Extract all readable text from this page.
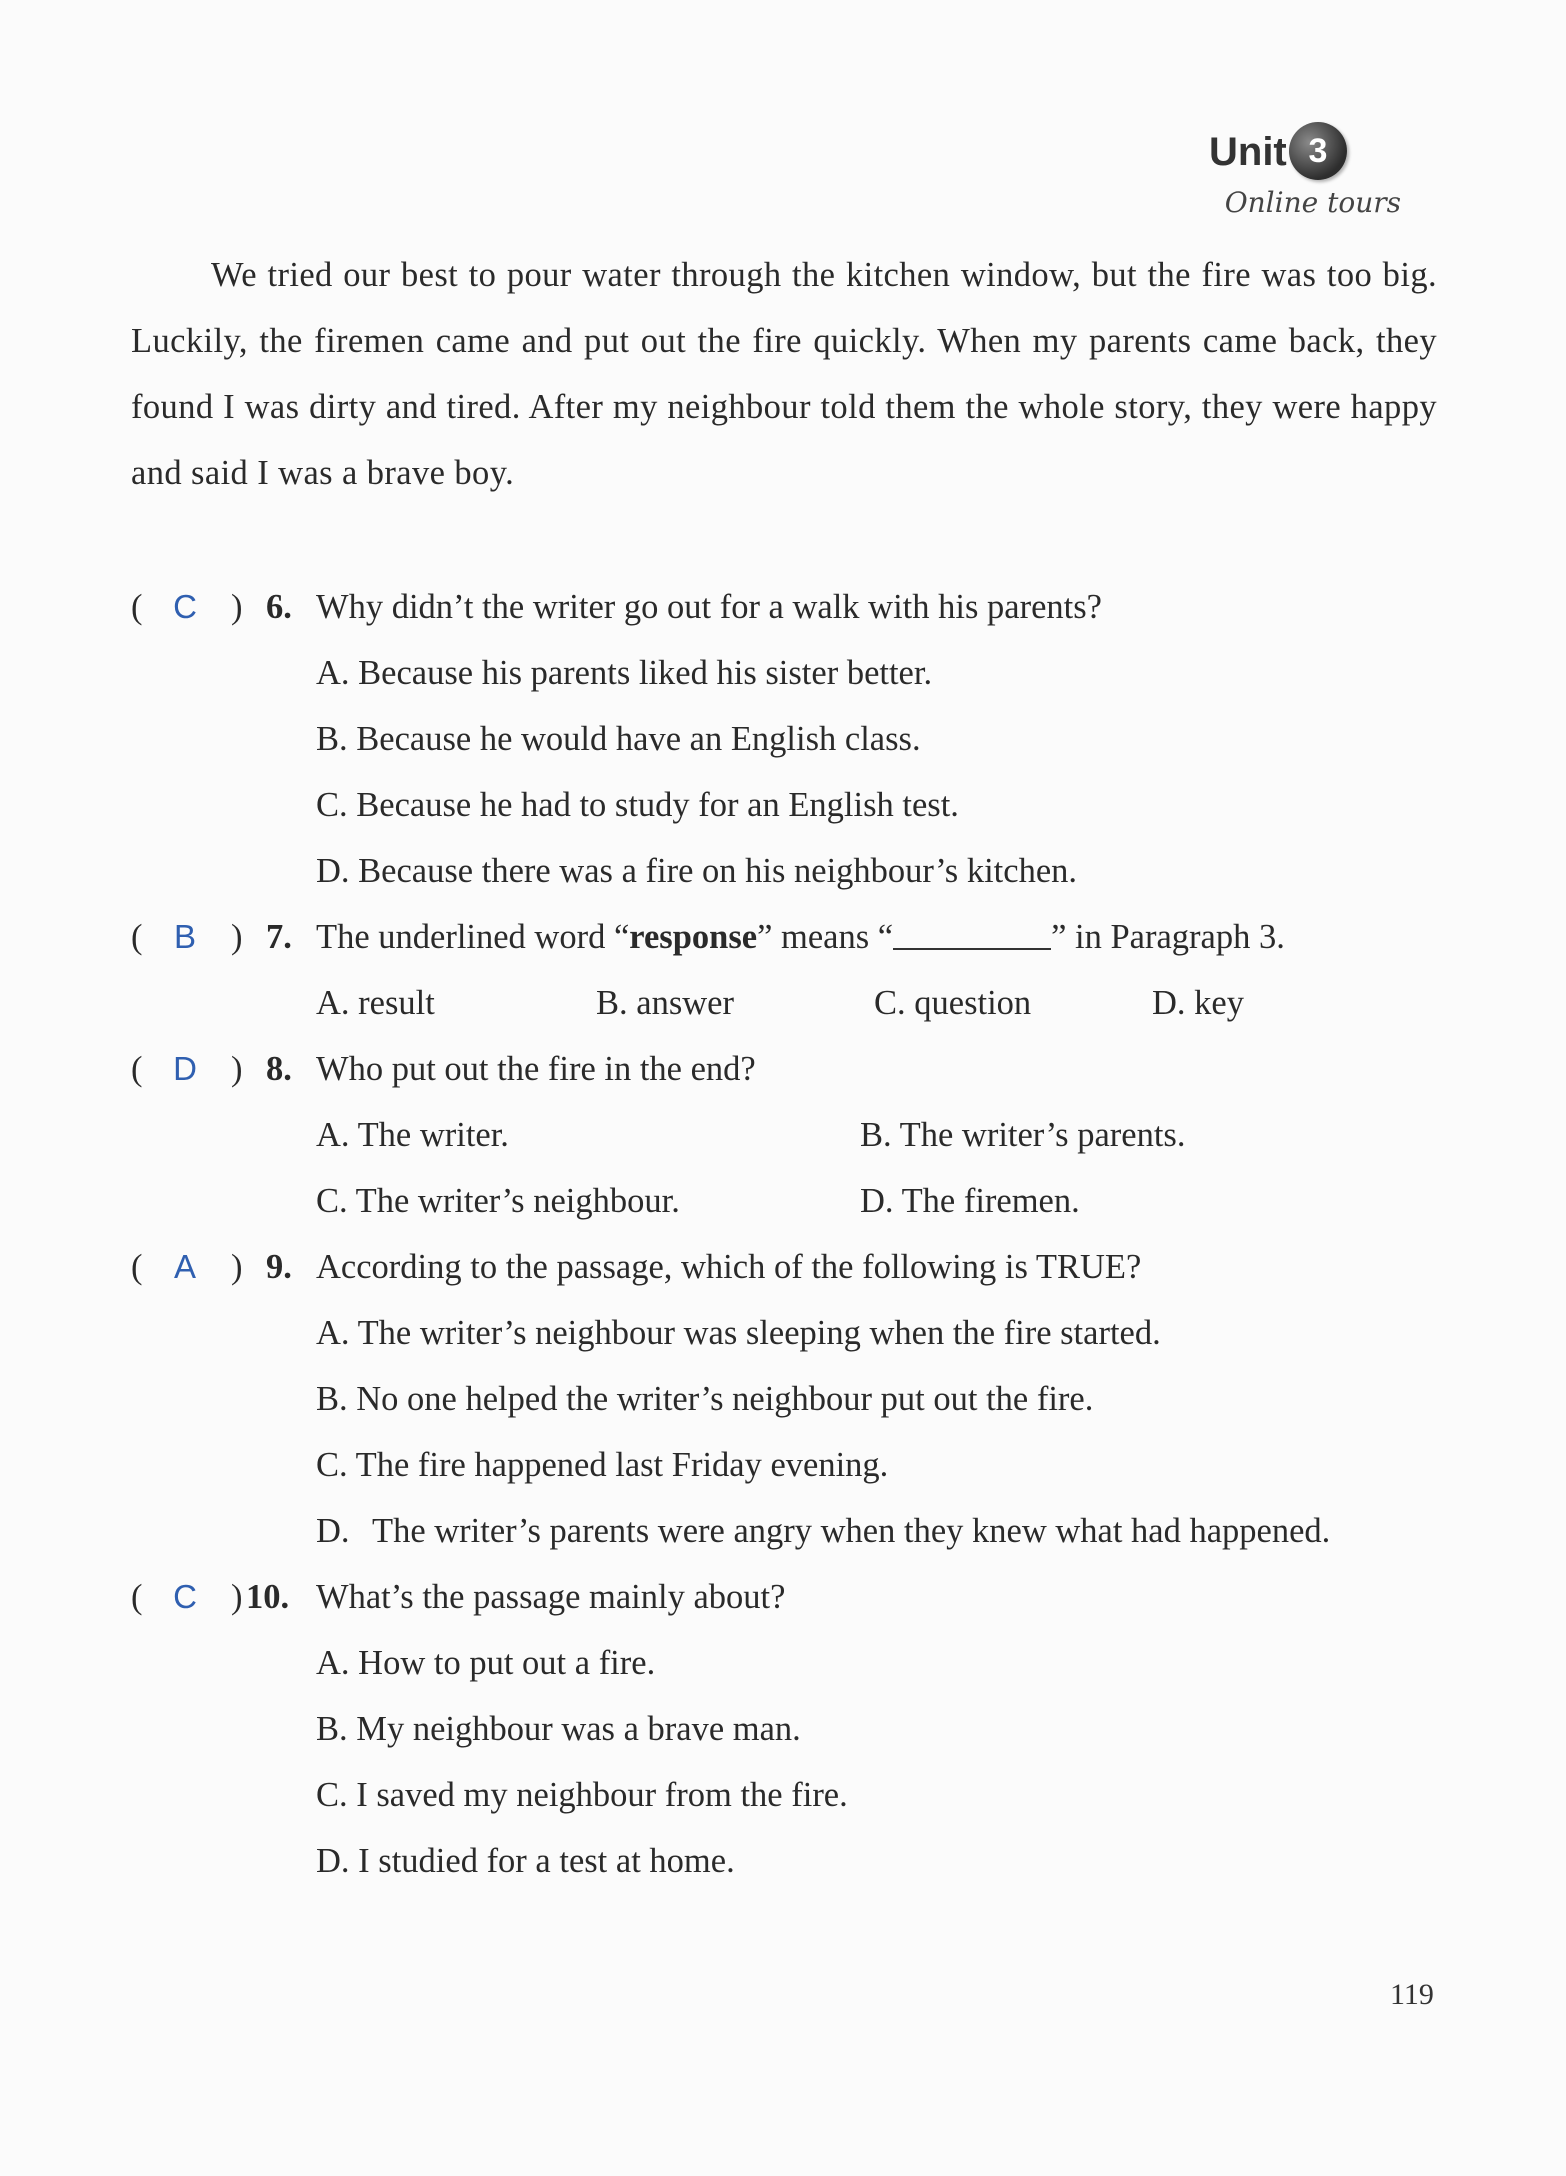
Unit 3
Online tours

We tried our best to pour water through the kitchen window, but the fire was too big. Luckily, the firemen came and put out the fire quickly. When my parents came back, they found I was dirty and tired. After my neighbour told them the whole story, they were happy and said I was a brave boy.

( C ) 6. Why didn’t the writer go out for a walk with his parents?
A. Because his parents liked his sister better.
B. Because he would have an English class.
C. Because he had to study for an English test.
D. Because there was a fire on his neighbour’s kitchen.
( B	) 7. The underlined word “response” means “	” in Paragraph 3.
A. result	B. answer	C. question	D. key
( D ) 8. Who put out the fire in the end?
A. The writer.	B. The writer’s parents.
C. The writer’s neighbour.	D. The firemen.
( A	) 9. According to the passage, which of the following is TRUE?
A. The writer’s neighbour was sleeping when the fire started.
B. No one helped the writer’s neighbour put out the fire.
C. The fire happened last Friday evening.
D. The writer’s parents were angry when they knew what had happened.
( C ) 10. What’s the passage mainly about?
A. How to put out a fire.
B. My neighbour was a brave man.
C. I saved my neighbour from the fire.
D. I studied for a test at home.
119
